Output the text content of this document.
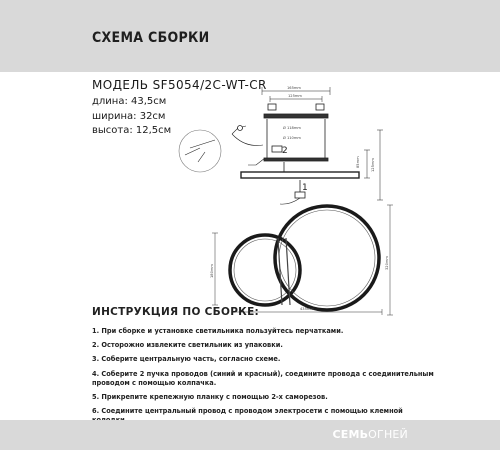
СХЕМА СБОРКИ
МОДЕЛЬ SF5054/2C-WT-CR
длина: 43,5см
ширина: 32см
высота: 12,5см
165mm
125mm
Ø 118mm
Ø 110mm
85mm	125mm
2
1
435mm
320mm
180mm
ИНСТРУКЦИЯ ПО СБОРКЕ:
1. При сборке и установке светильника пользуйтесь перчатками.
2. Осторожно извлеките светильник из упаковки.
3. Соберите центральную часть, согласно схеме.
4. Соберите 2 пучка проводов (синий и красный), соедините провода с соединительным
проводом с помощью колпачка.
5. Прикрепите крепежную планку с помощью 2-х саморезов.
6. Соедините центральный провод с проводом электросети с помощью клемной
СЕМЬОГНЕЙ
